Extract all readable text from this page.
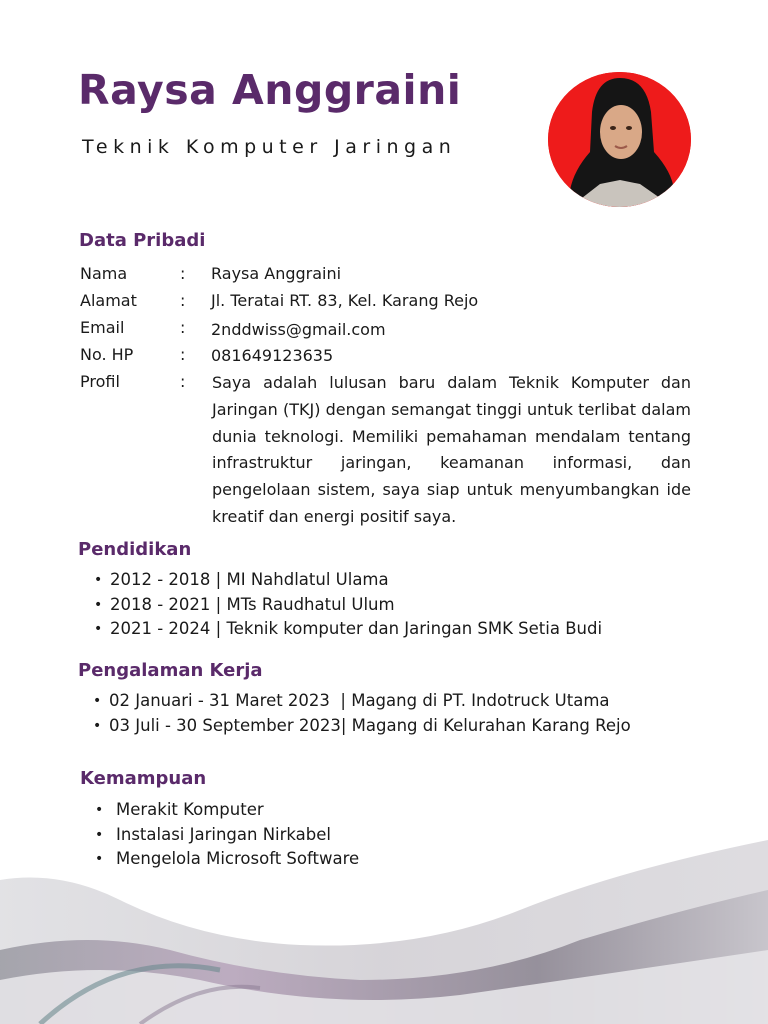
Raysa Anggraini
Teknik Komputer Jaringan
Data Pribadi
Nama	: Raysa Anggraini
Alamat	: Jl. Teratai RT. 83, Kel. Karang Rejo
Email	: 2nddwiss@gmail.com
No. HP	: 081649123635
Profil	: Saya adalah lulusan baru dalam Teknik Komputer dan Jaringan (TKJ) dengan semangat tinggi untuk terlibat dalam dunia teknologi. Memiliki pemahaman mendalam tentang infrastruktur jaringan, keamanan informasi, dan pengelolaan sistem, saya siap untuk menyumbangkan ide kreatif dan energi positif saya.
Pendidikan
• 2012 - 2018 | MI Nahdlatul Ulama
• 2018 - 2021 | MTs Raudhatul Ulum
• 2021 - 2024 | Teknik komputer dan Jaringan SMK Setia Budi
Pengalaman Kerja
• 02 Januari - 31 Maret 2023  | Magang di PT. Indotruck Utama
• 03 Juli - 30 September 2023| Magang di Kelurahan Karang Rejo
Kemampuan
• Merakit Komputer
• Instalasi Jaringan Nirkabel
• Mengelola Microsoft Software
